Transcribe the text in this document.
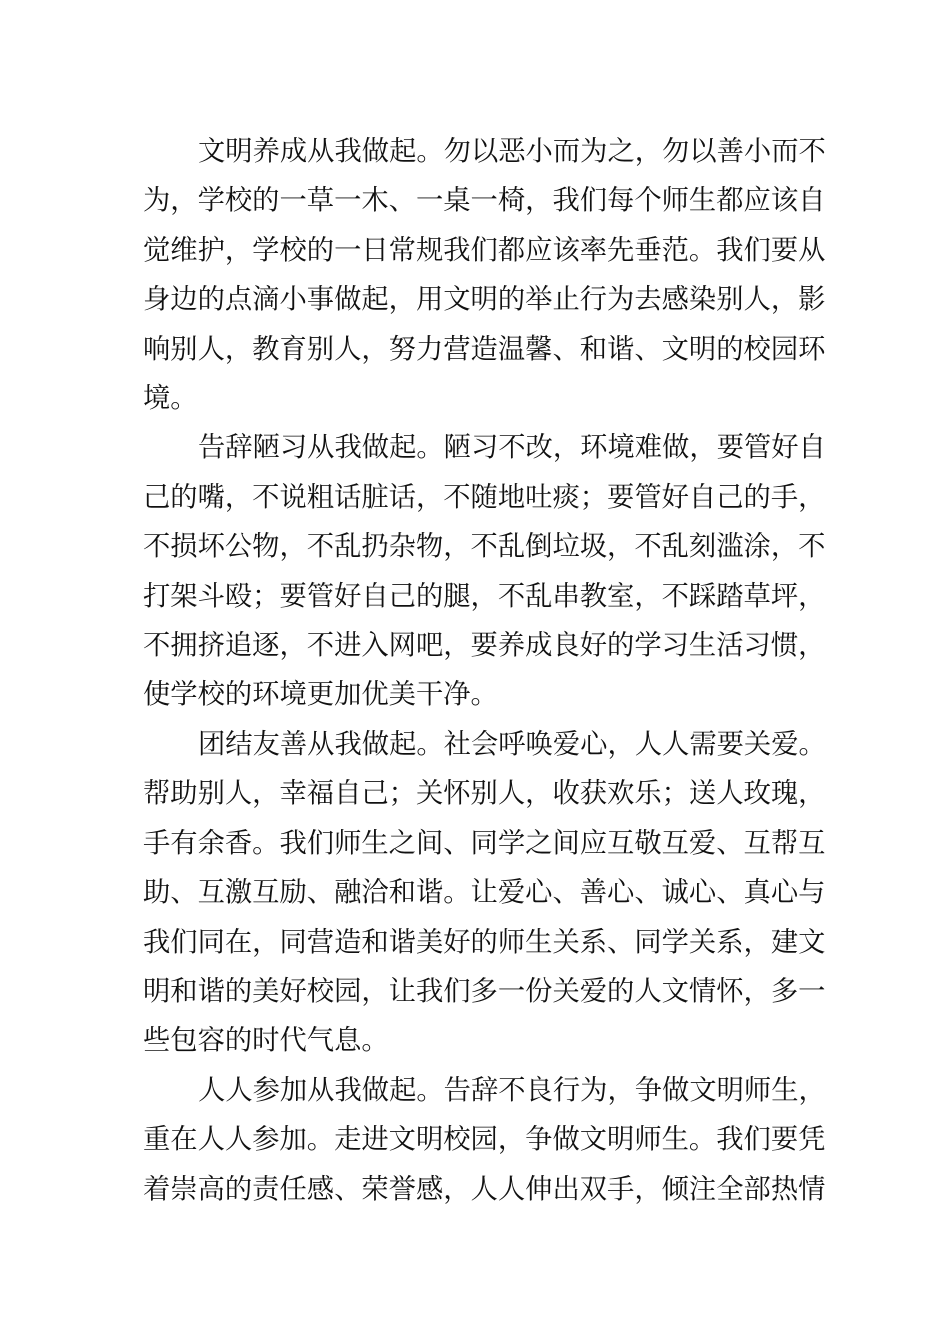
文明养成从我做起。勿以恶小而为之，勿以善小而不
为，学校的一草一木、一桌一椅，我们每个师生都应该自
觉维护，学校的一日常规我们都应该率先垂范。我们要从
身边的点滴小事做起，用文明的举止行为去感染别人，影
响别人，教育别人，努力营造温馨、和谐、文明的校园环
境。

告辞陋习从我做起。陋习不改，环境难做，要管好自
己的嘴，不说粗话脏话，不随地吐痰；要管好自己的手，
不损坏公物，不乱扔杂物，不乱倒垃圾，不乱刻滥涂，不
打架斗殴；要管好自己的腿，不乱串教室，不踩踏草坪，
不拥挤追逐，不进入网吧，要养成良好的学习生活习惯，
使学校的环境更加优美干净。

团结友善从我做起。社会呼唤爱心，人人需要关爱。
帮助别人，幸福自己；关怀别人，收获欢乐；送人玫瑰，
手有余香。我们师生之间、同学之间应互敬互爱、互帮互
助、互激互励、融洽和谐。让爱心、善心、诚心、真心与
我们同在，同营造和谐美好的师生关系、同学关系，建文
明和谐的美好校园，让我们多一份关爱的人文情怀，多一
些包容的时代气息。

人人参加从我做起。告辞不良行为，争做文明师生，
重在人人参加。走进文明校园，争做文明师生。我们要凭
着崇高的责任感、荣誉感，人人伸出双手，倾注全部热情
